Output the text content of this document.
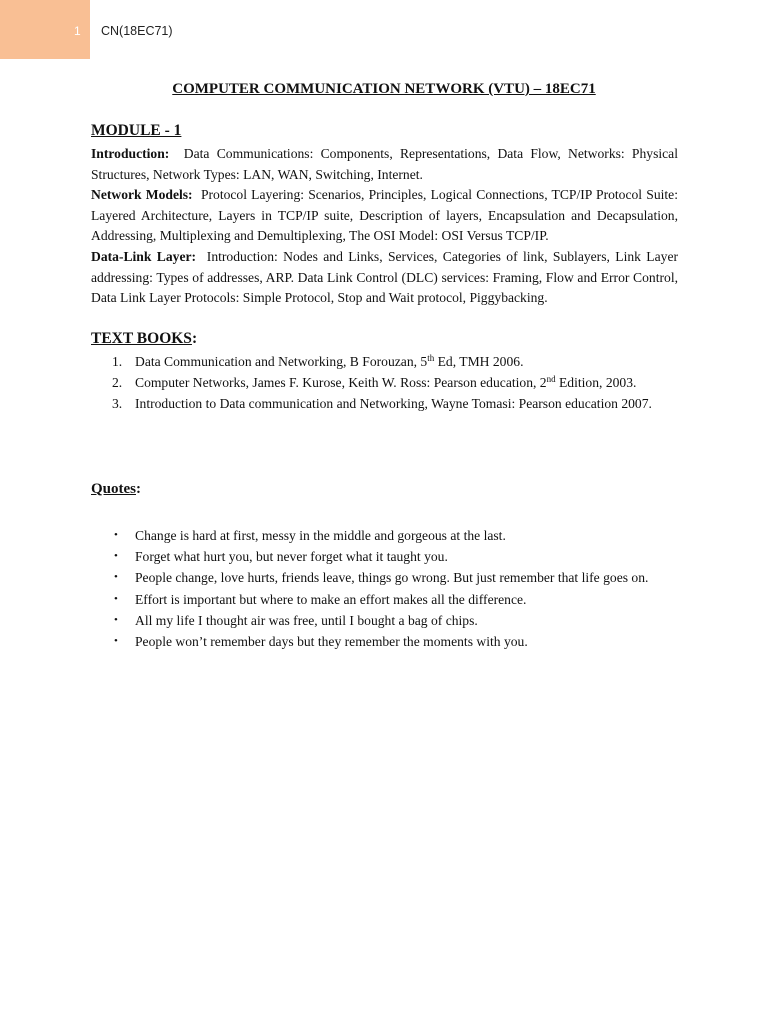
1 CN(18EC71)
COMPUTER COMMUNICATION NETWORK (VTU) – 18EC71
MODULE - 1

Introduction: Data Communications: Components, Representations, Data Flow, Networks: Physical Structures, Network Types: LAN, WAN, Switching, Internet.

Network Models: Protocol Layering: Scenarios, Principles, Logical Connections, TCP/IP Protocol Suite: Layered Architecture, Layers in TCP/IP suite, Description of layers, Encapsulation and Decapsulation, Addressing, Multiplexing and Demultiplexing, The OSI Model: OSI Versus TCP/IP.

Data-Link Layer: Introduction: Nodes and Links, Services, Categories of link, Sublayers, Link Layer addressing: Types of addresses, ARP. Data Link Control (DLC) services: Framing, Flow and Error Control, Data Link Layer Protocols: Simple Protocol, Stop and Wait protocol, Piggybacking.

TEXT BOOKS:
1. Data Communication and Networking, B Forouzan, 5th Ed, TMH 2006.
2. Computer Networks, James F. Kurose, Keith W. Ross: Pearson education, 2nd Edition, 2003.
3. Introduction to Data communication and Networking, Wayne Tomasi: Pearson education 2007.
Quotes:
• Change is hard at first, messy in the middle and gorgeous at the last.
• Forget what hurt you, but never forget what it taught you.
• People change, love hurts, friends leave, things go wrong. But just remember that life goes on.
• Effort is important but where to make an effort makes all the difference.
• All my life I thought air was free, until I bought a bag of chips.
• People won’t remember days but they remember the moments with you.
